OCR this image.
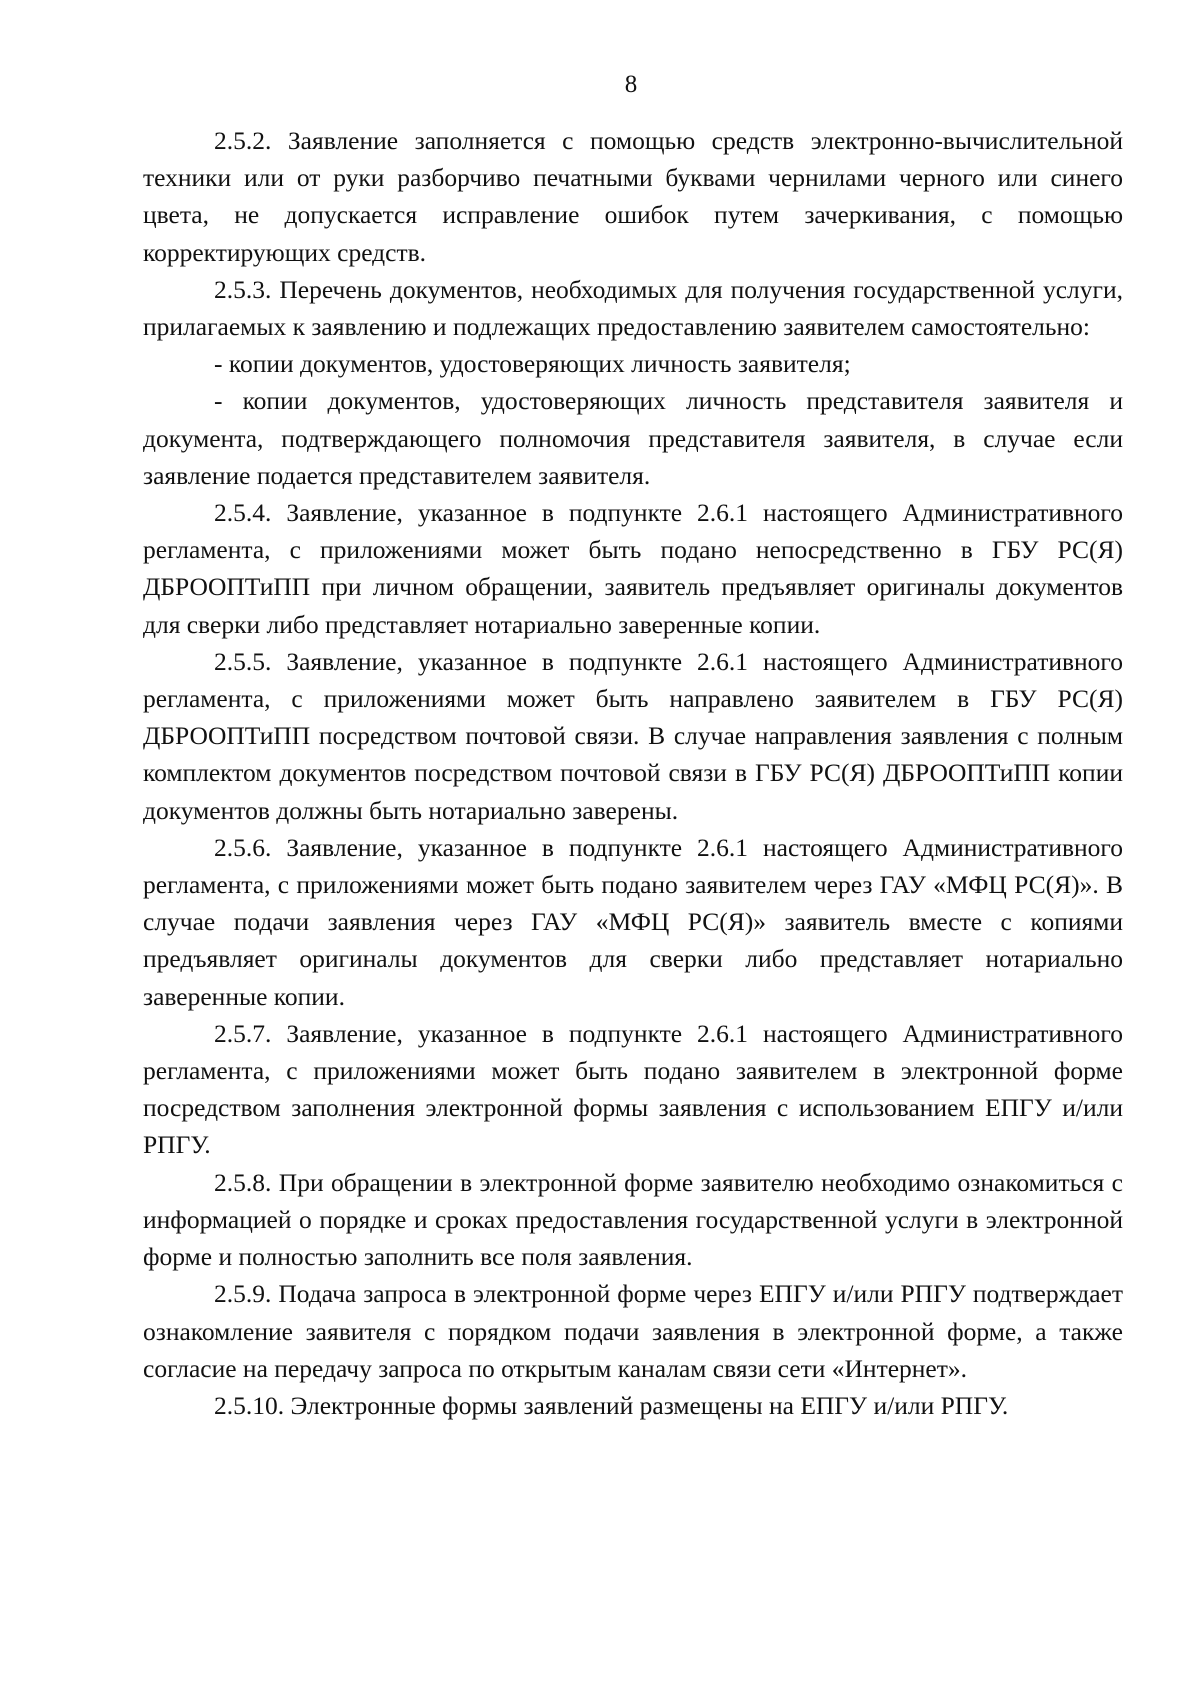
8

2.5.2. Заявление заполняется с помощью средств электронно-вычислительной техники или от руки разборчиво печатными буквами чернилами черного или синего цвета, не допускается исправление ошибок путем зачеркивания, с помощью корректирующих средств.

2.5.3. Перечень документов, необходимых для получения государственной услуги, прилагаемых к заявлению и подлежащих предоставлению заявителем самостоятельно:

- копии документов, удостоверяющих личность заявителя;

- копии документов, удостоверяющих личность представителя заявителя и документа, подтверждающего полномочия представителя заявителя, в случае если заявление подается представителем заявителя.

2.5.4. Заявление, указанное в подпункте 2.6.1 настоящего Административного регламента, с приложениями может быть подано непосредственно в ГБУ РС(Я) ДБРООПТиПП при личном обращении, заявитель предъявляет оригиналы документов для сверки либо представляет нотариально заверенные копии.

2.5.5. Заявление, указанное в подпункте 2.6.1 настоящего Административного регламента, с приложениями может быть направлено заявителем в ГБУ РС(Я) ДБРООПТиПП посредством почтовой связи. В случае направления заявления с полным комплектом документов посредством почтовой связи в ГБУ РС(Я) ДБРООПТиПП копии документов должны быть нотариально заверены.

2.5.6. Заявление, указанное в подпункте 2.6.1 настоящего Административного регламента, с приложениями может быть подано заявителем через ГАУ «МФЦ РС(Я)». В случае подачи заявления через ГАУ «МФЦ РС(Я)» заявитель вместе с копиями предъявляет оригиналы документов для сверки либо представляет нотариально заверенные копии.

2.5.7. Заявление, указанное в подпункте 2.6.1 настоящего Административного регламента, с приложениями может быть подано заявителем в электронной форме посредством заполнения электронной формы заявления с использованием ЕПГУ и/или РПГУ.

2.5.8. При обращении в электронной форме заявителю необходимо ознакомиться с информацией о порядке и сроках предоставления государственной услуги в электронной форме и полностью заполнить все поля заявления.

2.5.9. Подача запроса в электронной форме через ЕПГУ и/или РПГУ подтверждает ознакомление заявителя с порядком подачи заявления в электронной форме, а также согласие на передачу запроса по открытым каналам связи сети «Интернет».

2.5.10. Электронные формы заявлений размещены на ЕПГУ и/или РПГУ.
